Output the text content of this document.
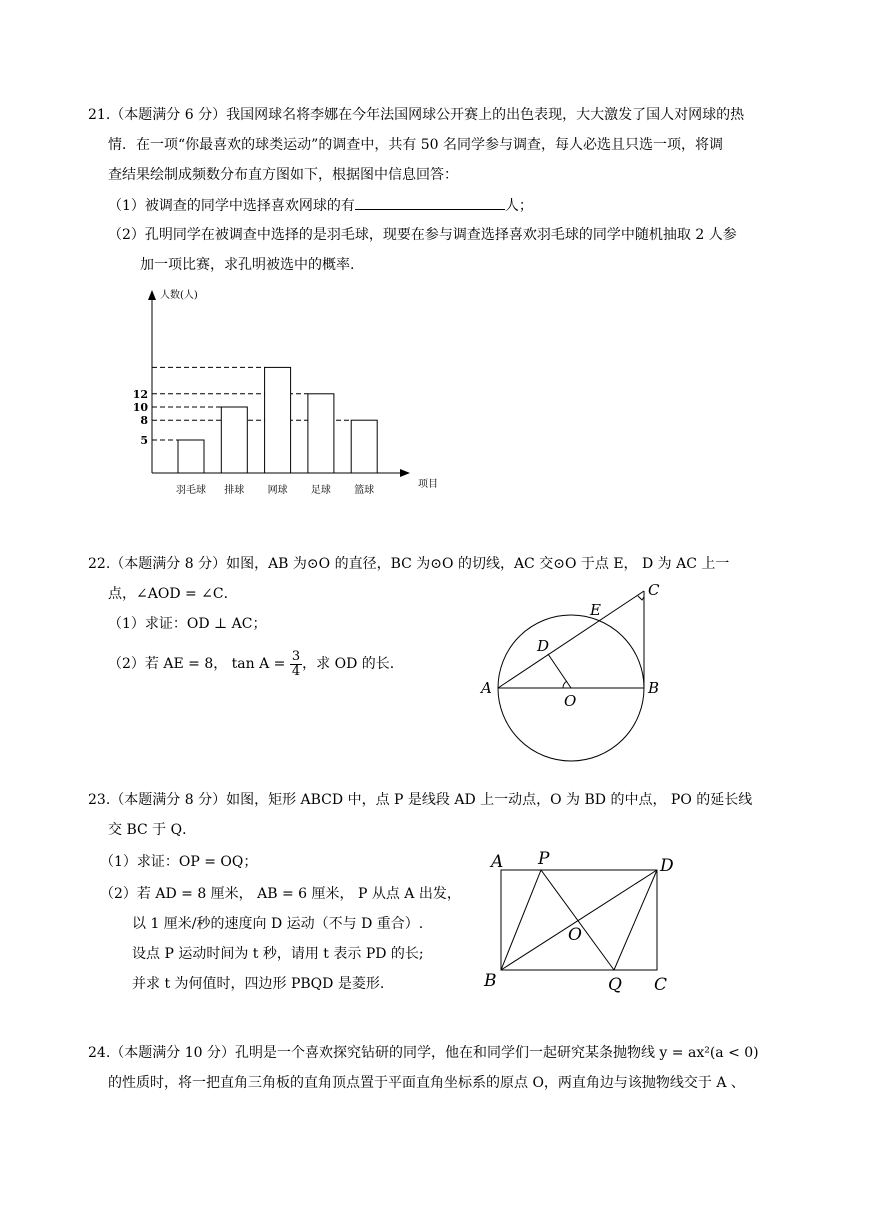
21.（本题满分 6 分）我国网球名将李娜在今年法国网球公开赛上的出色表现，大大激发了国人对网球的热
情．在一项“你最喜欢的球类运动”的调查中，共有 50 名同学参与调查，每人必选且只选一项，将调
查结果绘制成频数分布直方图如下，根据图中信息回答：
（1）被调查的同学中选择喜欢网球的有	人；
（2）孔明同学在被调查中选择的是羽毛球，现要在参与调查选择喜欢羽毛球的同学中随机抽取 2 人参
加一项比赛，求孔明被选中的概率.
人数(人)
项目
5
8
10
12
羽毛球 排球 网球 足球 篮球
22.（本题满分 8 分）如图，AB 为⊙O 的直径，BC 为⊙O 的切线，AC 交⊙O 于点 E， D 为 AC 上一
点，∠AOD = ∠C．
（1）求证：OD ⊥ AC；
（2）若 AE = 8， $\tan A = \frac{3}{4}$ ，求 OD 的长.
A	B
C
D
E
O
23.（本题满分 8 分）如图，矩形 ABCD 中，点 P 是线段 AD 上一动点，O 为 BD 的中点， PO 的延长线
交 BC 于 Q．
（1）求证：OP = OQ；
（2）若 AD = 8 厘米， AB = 6 厘米， P 从点 A 出发，
以 1 厘米/秒的速度向 D 运动（不与 D 重合）.
设点 P 运动时间为 t 秒，请用 t 表示 PD 的长;
并求 t 为何值时，四边形 PBQD 是菱形.
A P	D
O
B	Q C
24.（本题满分 10 分）孔明是一个喜欢探究钻研的同学，他在和同学们一起研究某条抛物线 y = ax²(a < 0)
的性质时，将一把直角三角板的直角顶点置于平面直角坐标系的原点 O，两直角边与该抛物线交于 A 、
